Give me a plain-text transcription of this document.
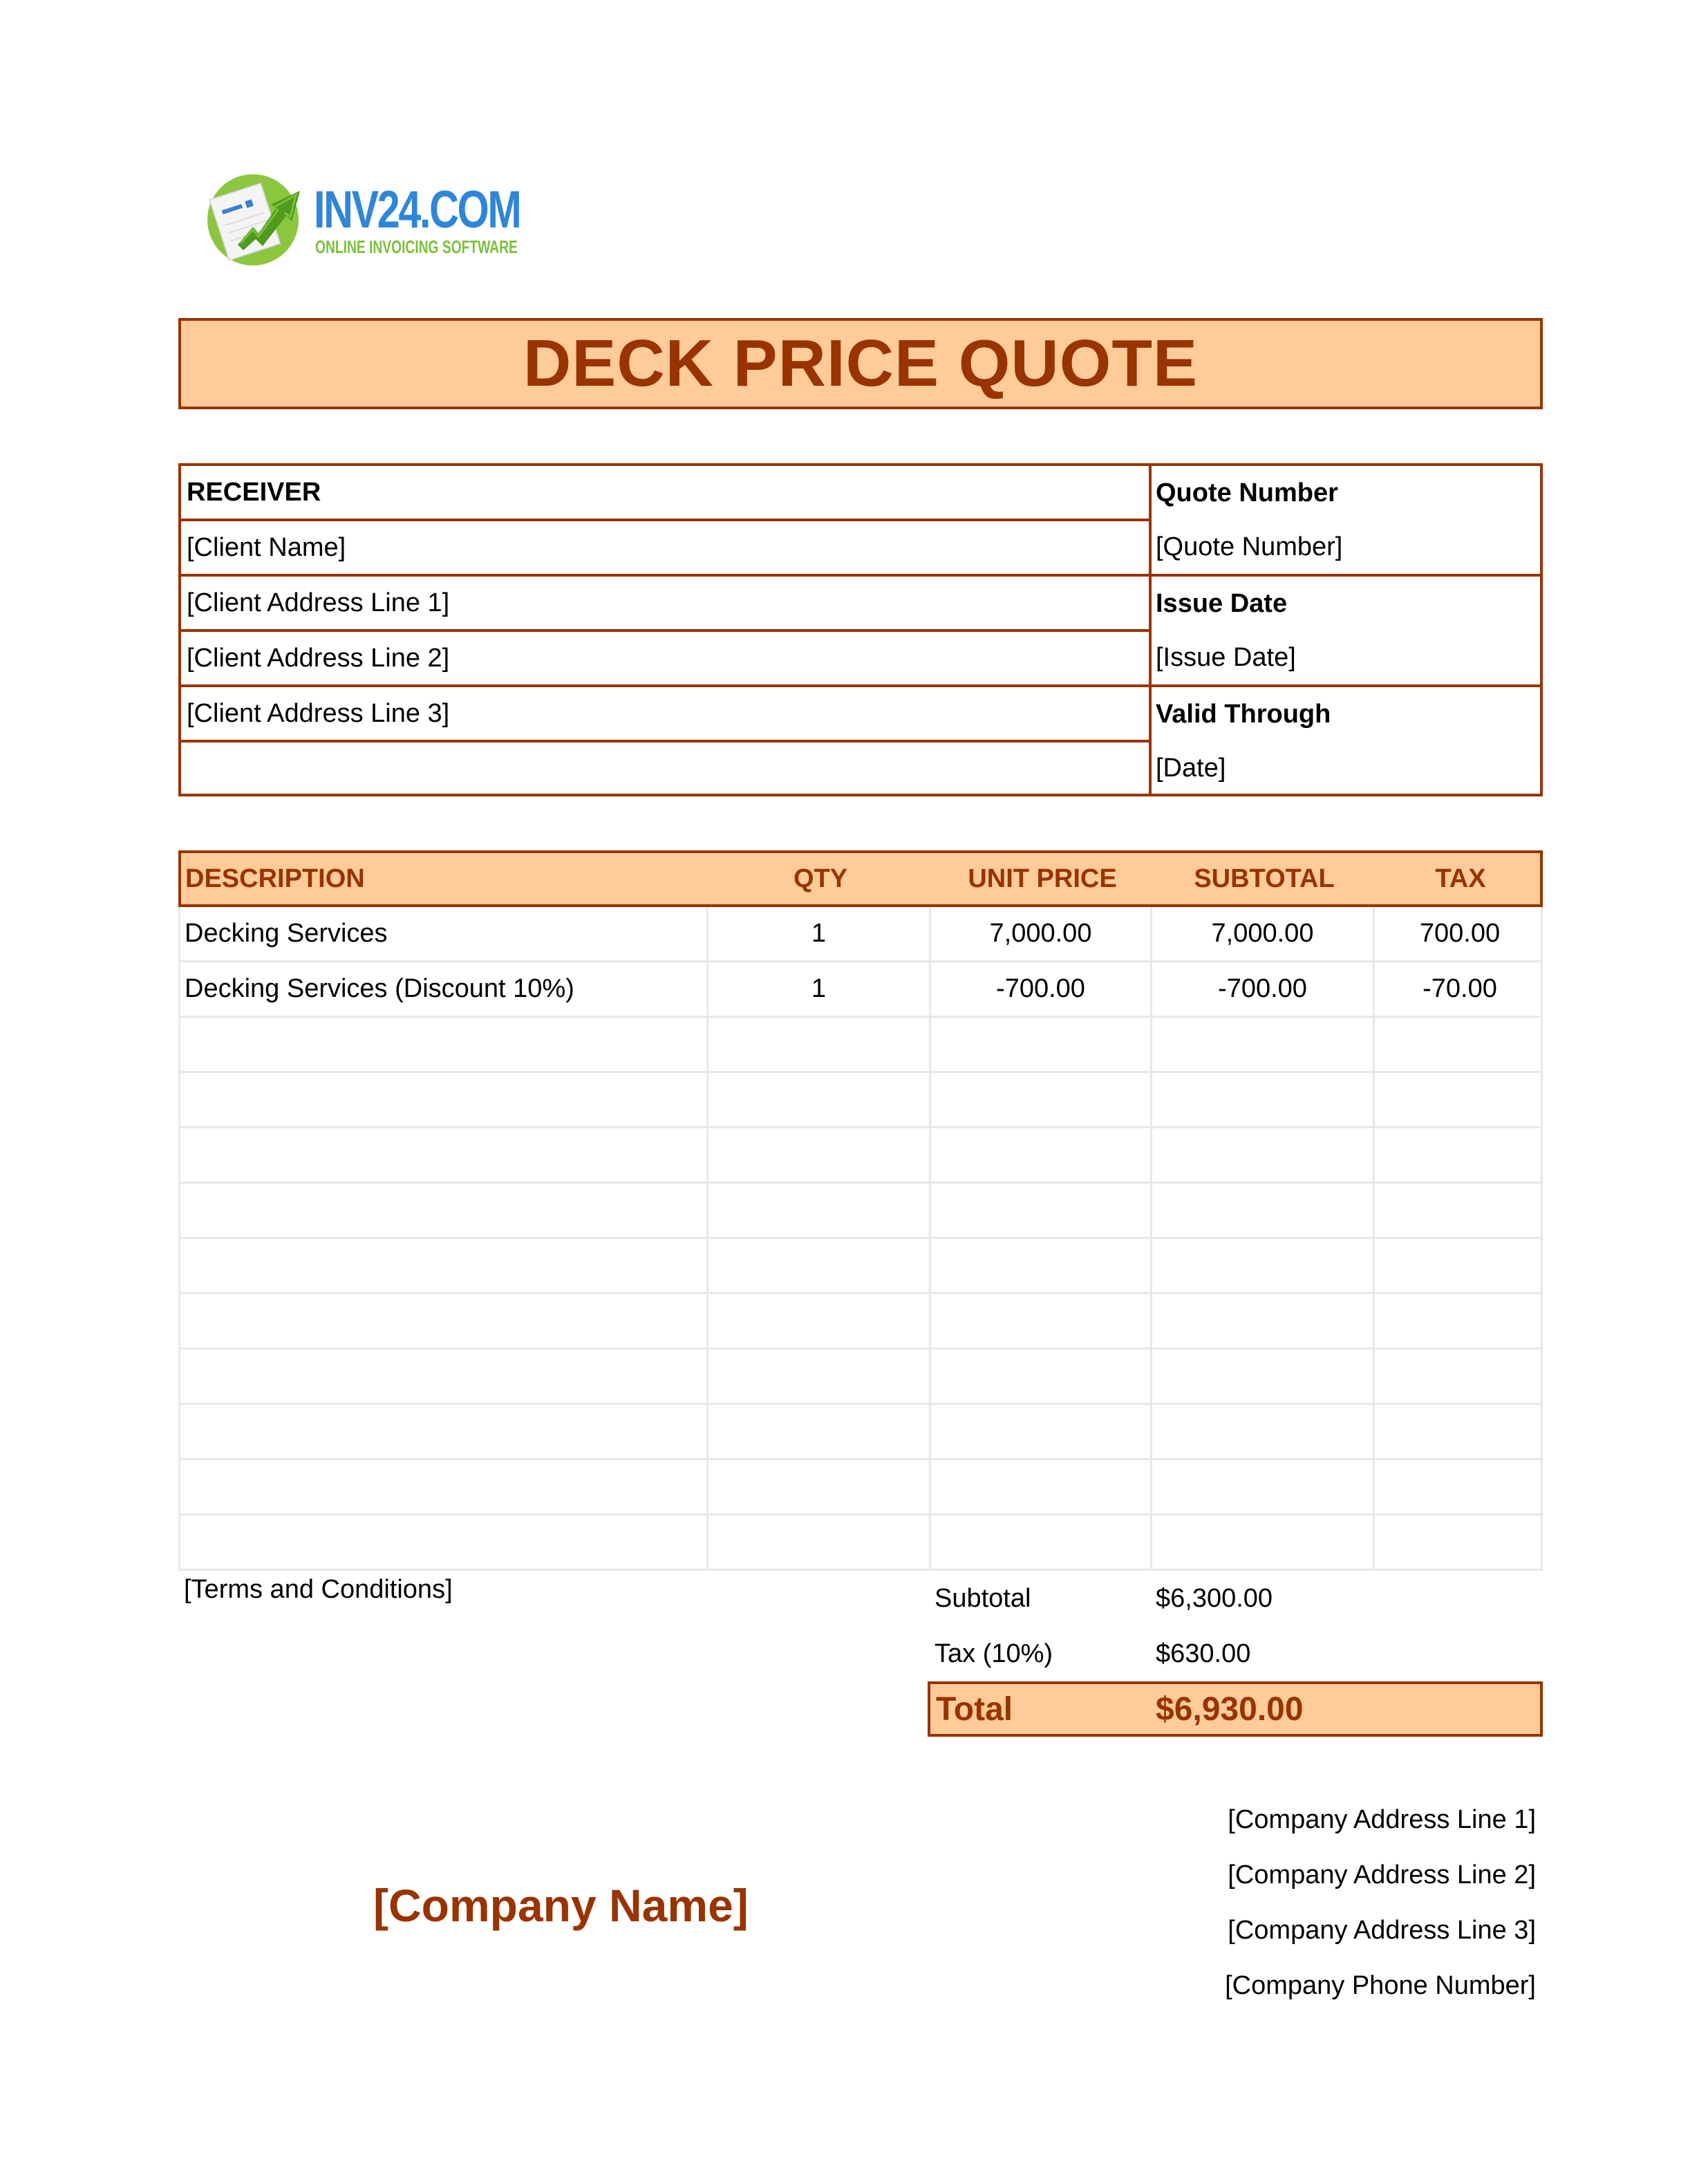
INV24.COM
ONLINE INVOICING SOFTWARE
DECK PRICE QUOTE
RECEIVER
[Client Name]
[Client Address Line 1]
[Client Address Line 2]
[Client Address Line 3]
Quote Number
[Quote Number]
Issue Date
[Issue Date]
Valid Through
[Date]
DESCRIPTION	QTY	UNIT PRICE	SUBTOTAL	TAX
Decking Services	1	7,000.00	7,000.00	700.00
Decking Services (Discount 10%)	1	-700.00	-700.00	-70.00
[Terms and Conditions]	Subtotal	$6,300.00
Tax (10%)	$630.00
Total	$6,930.00
[Company Name]
[Company Address Line 1]
[Company Address Line 2]
[Company Address Line 3]
[Company Phone Number]
